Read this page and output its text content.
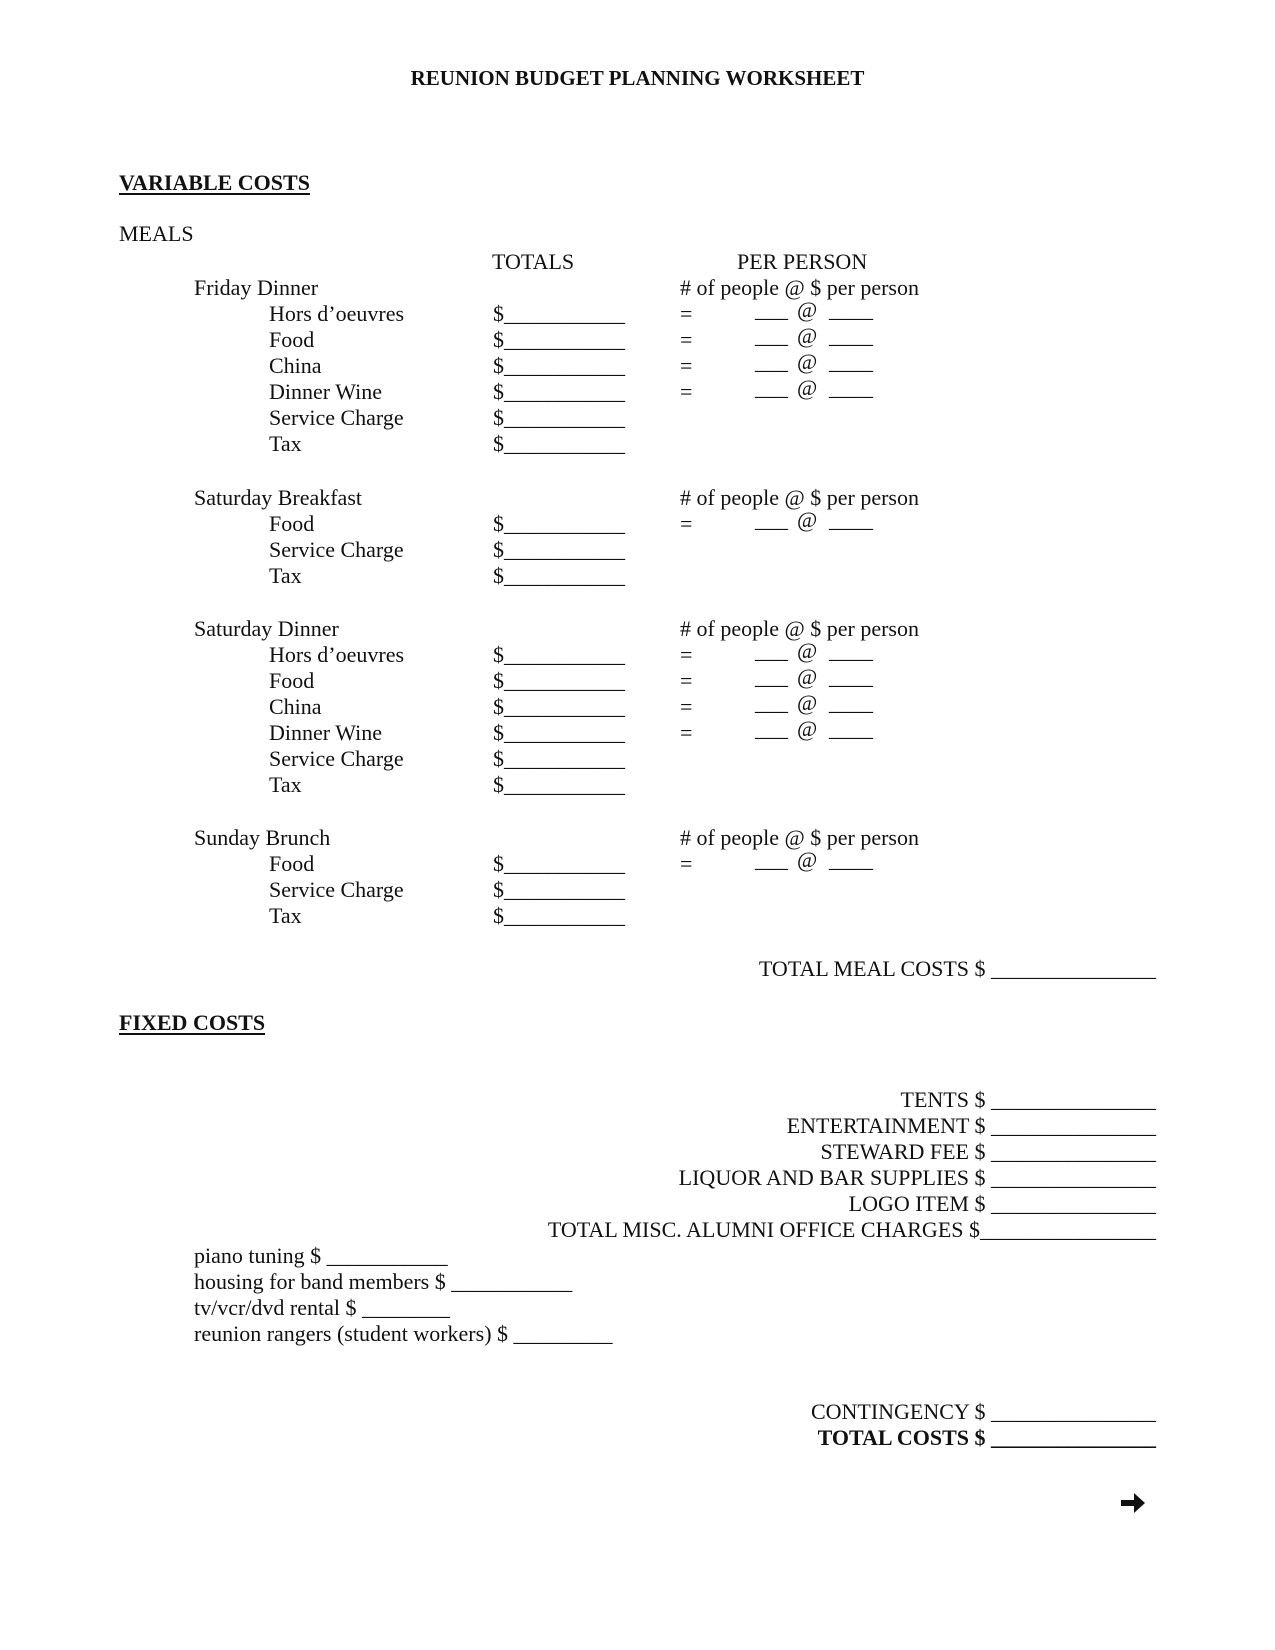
REUNION BUDGET PLANNING WORKSHEET
VARIABLE COSTS
MEALS
TOTALS	PER PERSON
Friday Dinner	# of people @ $ per person
Hors d’oeuvres	$___________	=	___ @ ____
Food	$___________	=	___ @ ____
China	$___________	=	___ @ ____
Dinner Wine	$___________	=	___ @ ____
Service Charge	$___________
Tax	$___________
Saturday Breakfast	# of people @ $ per person
Food	$___________	=	___ @ ____
Service Charge	$___________
Tax	$___________
Saturday Dinner	# of people @ $ per person
Hors d’oeuvres	$___________	=	___ @ ____
Food	$___________	=	___ @ ____
China	$___________	=	___ @ ____
Dinner Wine	$___________	=	___ @ ____
Service Charge	$___________
Tax	$___________
Sunday Brunch	# of people @ $ per person
Food	$___________	=	___ @ ____
Service Charge	$___________
Tax	$___________
TOTAL MEAL COSTS $ _______________
FIXED COSTS
TENTS $ _______________
ENTERTAINMENT $ _______________
STEWARD FEE $ _______________
LIQUOR AND BAR SUPPLIES $ _______________
LOGO ITEM $ _______________
TOTAL MISC. ALUMNI OFFICE CHARGES $________________
piano tuning $ ___________
housing for band members $ ___________
tv/vcr/dvd rental $ ________
reunion rangers (student workers) $ _________
CONTINGENCY $ _______________
TOTAL COSTS $ _______________
